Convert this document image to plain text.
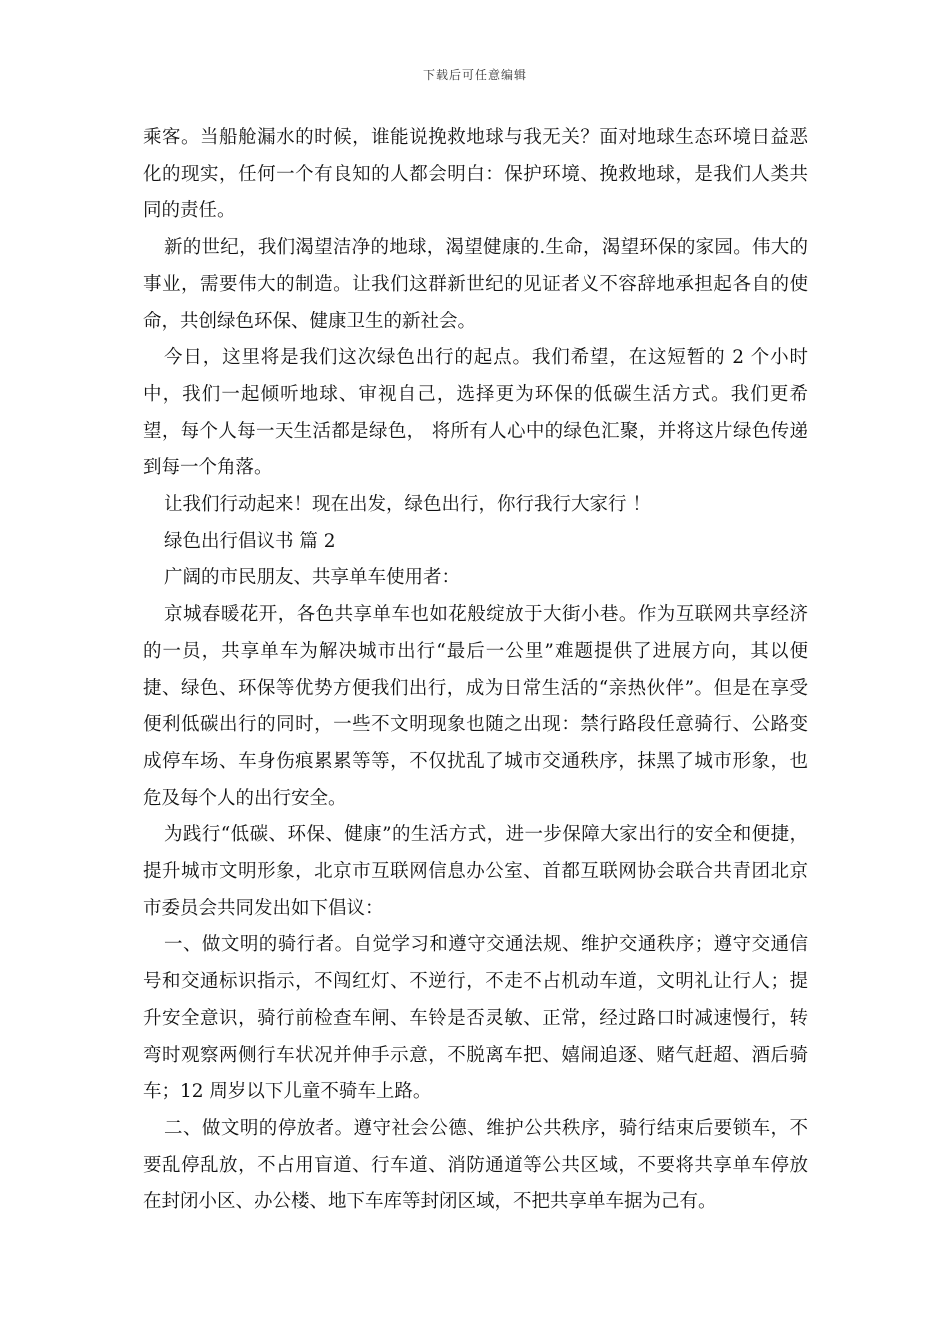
下载后可任意编辑

乘客。当船舱漏水的时候，谁能说挽救地球与我无关？面对地球生态环境日益恶化的现实，任何一个有良知的人都会明白：保护环境、挽救地球，是我们人类共同的责任。

新的世纪，我们渴望洁净的地球，渴望健康的.生命，渴望环保的家园。伟大的事业，需要伟大的制造。让我们这群新世纪的见证者义不容辞地承担起各自的使命，共创绿色环保、健康卫生的新社会。

今日，这里将是我们这次绿色出行的起点。我们希望，在这短暂的 2 个小时中，我们一起倾听地球、审视自己，选择更为环保的低碳生活方式。我们更希望，每个人每一天生活都是绿色， 将所有人心中的绿色汇聚，并将这片绿色传递到每一个角落。

让我们行动起来！现在出发，绿色出行，你行我行大家行 ！

绿色出行倡议书 篇 2

广阔的市民朋友、共享单车使用者：

京城春暖花开，各色共享单车也如花般绽放于大街小巷。作为互联网共享经济的一员，共享单车为解决城市出行“最后一公里”难题提供了进展方向，其以便捷、绿色、环保等优势方便我们出行，成为日常生活的“亲热伙伴”。但是在享受便利低碳出行的同时，一些不文明现象也随之出现：禁行路段任意骑行、公路变成停车场、车身伤痕累累等等，不仅扰乱了城市交通秩序，抹黑了城市形象，也危及每个人的出行安全。

为践行“低碳、环保、健康”的生活方式，进一步保障大家出行的安全和便捷，提升城市文明形象，北京市互联网信息办公室、首都互联网协会联合共青团北京市委员会共同发出如下倡议：

一、做文明的骑行者。自觉学习和遵守交通法规、维护交通秩序；遵守交通信号和交通标识指示，不闯红灯、不逆行，不走不占机动车道，文明礼让行人；提升安全意识，骑行前检查车闸、车铃是否灵敏、正常，经过路口时减速慢行，转弯时观察两侧行车状况并伸手示意，不脱离车把、嬉闹追逐、赌气赶超、酒后骑车；12 周岁以下儿童不骑车上路。

二、做文明的停放者。遵守社会公德、维护公共秩序，骑行结束后要锁车，不要乱停乱放，不占用盲道、行车道、消防通道等公共区域，不要将共享单车停放在封闭小区、办公楼、地下车库等封闭区域，不把共享单车据为己有。
